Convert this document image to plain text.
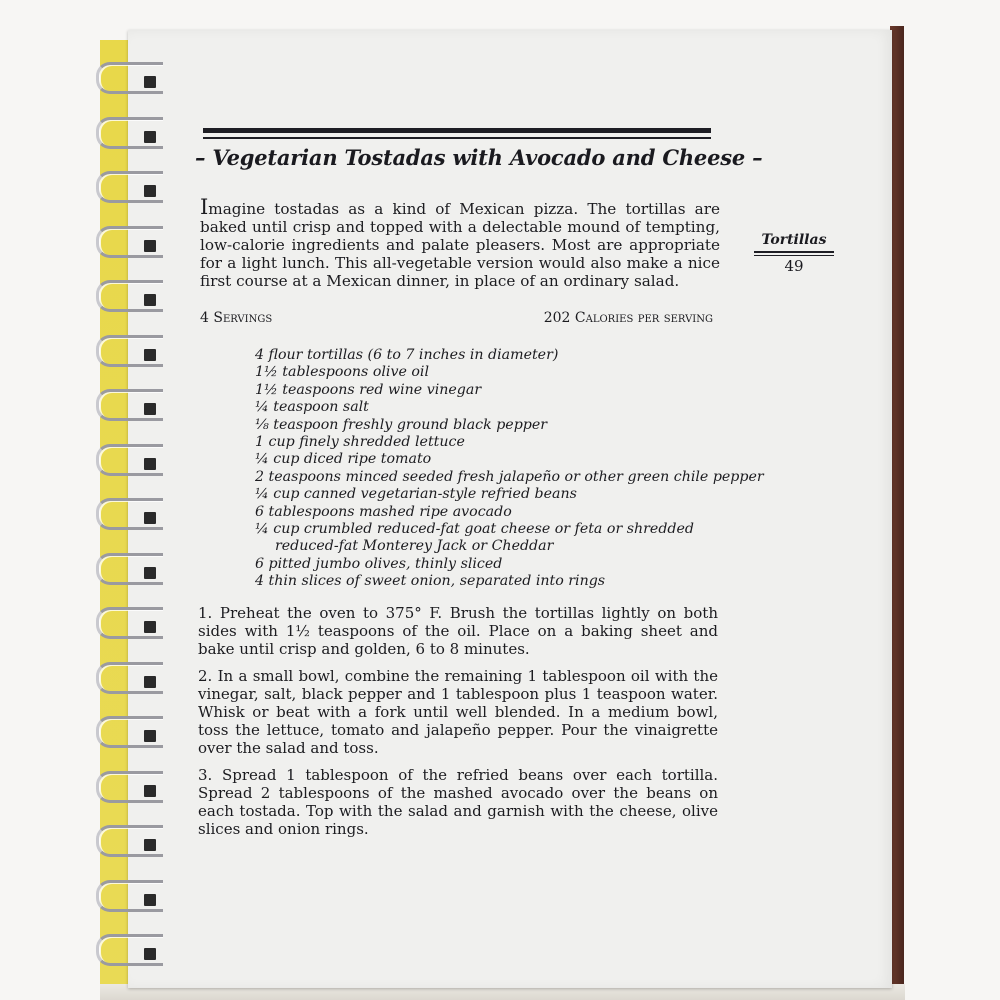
– Vegetarian Tostadas with Avocado and Cheese –
Imagine tostadas as a kind of Mexican pizza. The tortillas are baked until crisp and topped with a delectable mound of tempting, low-calorie ingredients and palate pleasers. Most are appropriate for a light lunch. This all-vegetable version would also make a nice first course at a Mexican dinner, in place of an ordinary salad.
Tortillas
49
4 Servings	202 Calories per serving
4 flour tortillas (6 to 7 inches in diameter)
1½ tablespoons olive oil
1½ teaspoons red wine vinegar
¼ teaspoon salt
⅛ teaspoon freshly ground black pepper
1 cup finely shredded lettuce
¼ cup diced ripe tomato
2 teaspoons minced seeded fresh jalapeño or other green chile pepper
¼ cup canned vegetarian-style refried beans
6 tablespoons mashed ripe avocado
¼ cup crumbled reduced-fat goat cheese or feta or shredded reduced-fat Monterey Jack or Cheddar
6 pitted jumbo olives, thinly sliced
4 thin slices of sweet onion, separated into rings

1. Preheat the oven to 375° F. Brush the tortillas lightly on both sides with 1½ teaspoons of the oil. Place on a baking sheet and bake until crisp and golden, 6 to 8 minutes.

2. In a small bowl, combine the remaining 1 tablespoon oil with the vinegar, salt, black pepper and 1 tablespoon plus 1 teaspoon water. Whisk or beat with a fork until well blended. In a medium bowl, toss the lettuce, tomato and jalapeño pepper. Pour the vinaigrette over the salad and toss.

3. Spread 1 tablespoon of the refried beans over each tortilla. Spread 2 tablespoons of the mashed avocado over the beans on each tostada. Top with the salad and garnish with the cheese, olive slices and onion rings.
